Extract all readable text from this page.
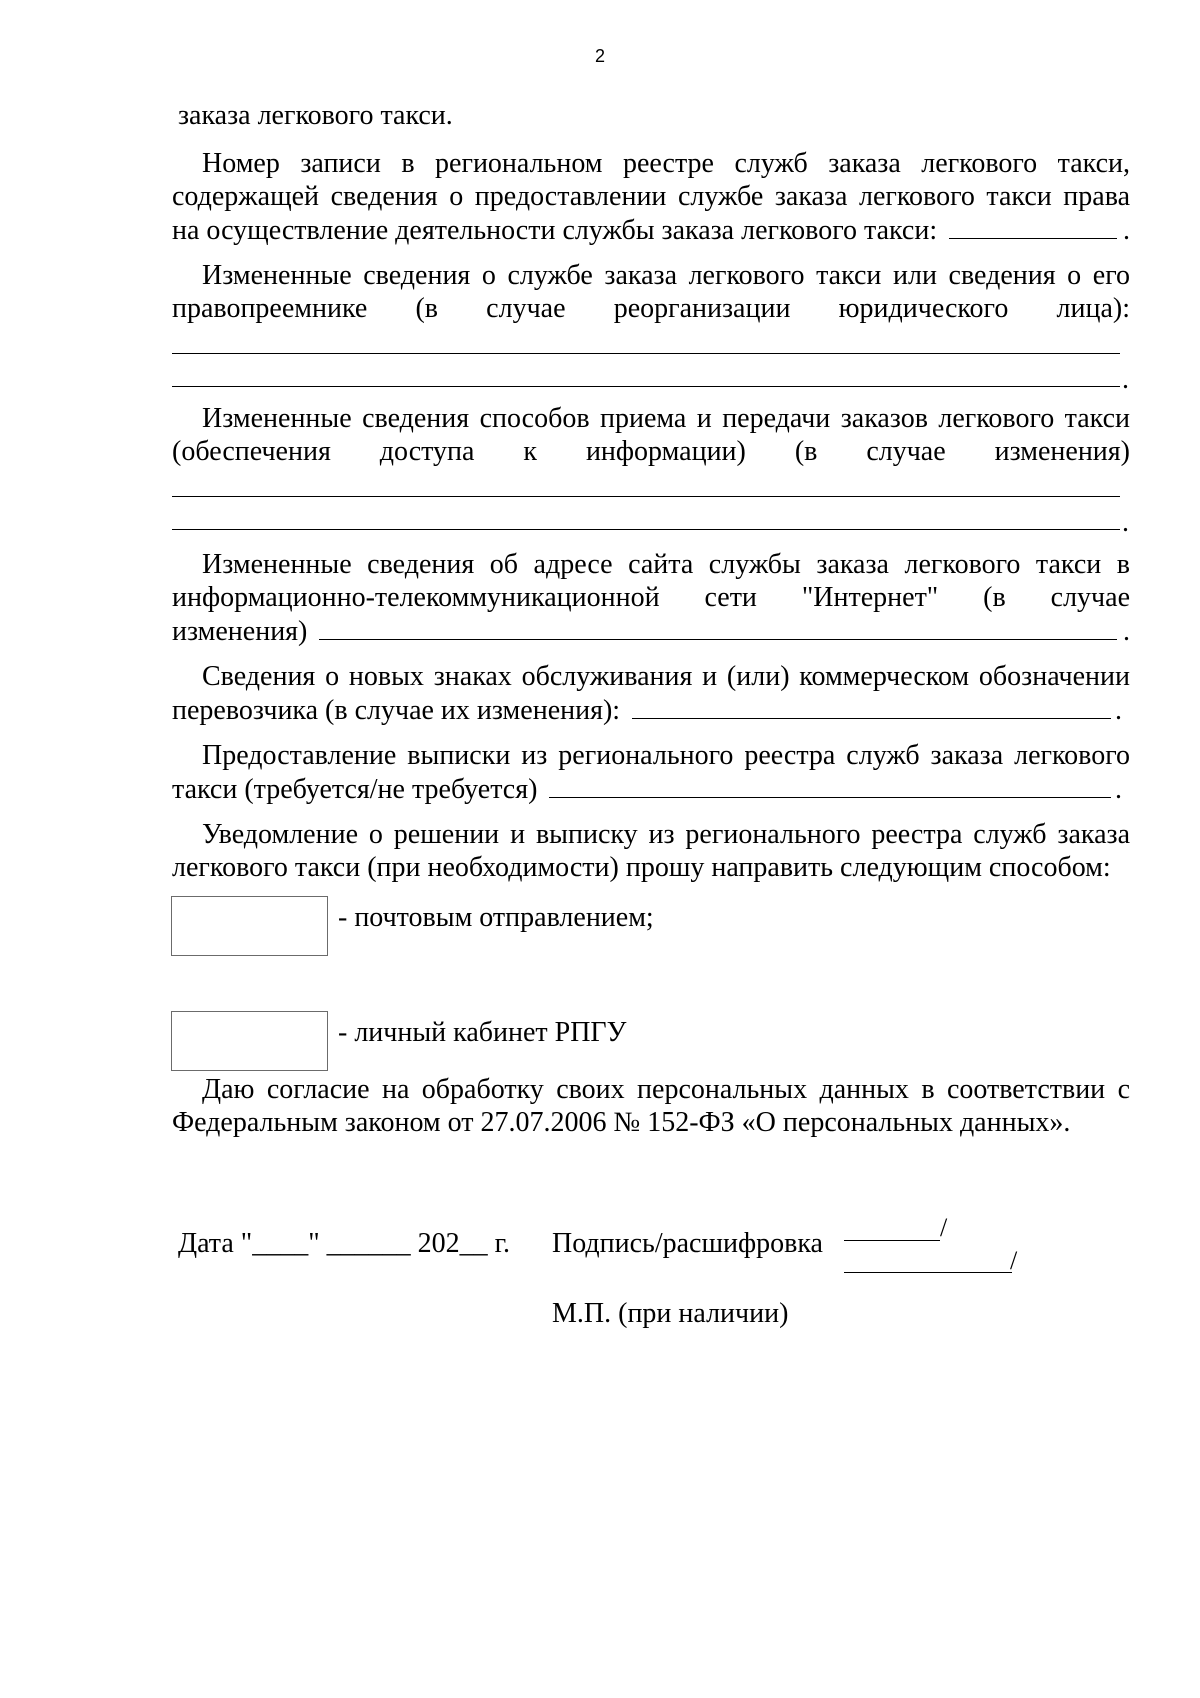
2
заказа легкового такси.
Номер записи в региональном реестре служб заказа легкового такси,
содержащей сведения о предоставлении службе заказа легкового такси права
на осуществление деятельности службы заказа легкового такси:	.
Измененные сведения о службе заказа легкового такси или сведения о его
правопреемнике (в случае реорганизации юридического лица):
.
Измененные сведения способов приема и передачи заказов легкового такси
(обеспечения доступа к информации) (в случае изменения)
.
Измененные сведения об адресе сайта службы заказа легкового такси в
информационно-телекоммуникационной сети "Интернет" (в случае
изменения)	.
Сведения о новых знаках обслуживания и (или) коммерческом обозначении
перевозчика (в случае их изменения):	.
Предоставление выписки из регионального реестра служб заказа легкового
такси (требуется/не требуется)	.
Уведомление о решении и выписку из регионального реестра служб заказа
легкового такси (при необходимости) прошу направить следующим способом:
- почтовым отправлением;
- личный кабинет РПГУ
Даю согласие на обработку своих персональных данных в соответствии с
Федеральным законом от 27.07.2006 № 152-ФЗ «О персональных данных».
Дата "____" ______ 202__ г. Подпись/расшифровка
/
/
М.П. (при наличии)
